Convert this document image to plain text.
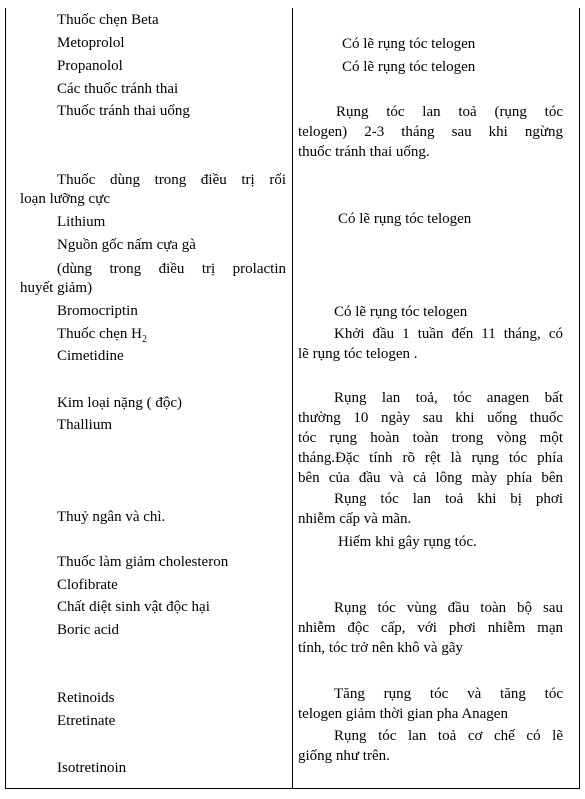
Thuốc chẹn Beta
Metoprolol
Propanolol
Các thuốc tránh thai
Thuốc tránh thai uống
Thuốc dùng trong điều trị rối
loạn lưỡng cực
Lithium
Nguồn gốc nấm cựa gà
(dùng trong điều trị prolactin
huyết giảm)
Bromocriptin
Thuốc chẹn $H_2$
Cimetidine
Kim loại nặng ( độc)
Thallium
Thuỷ ngân và chì.
Thuốc làm giảm cholesteron
Clofibrate
Chất diệt sinh vật độc hại
Boric acid
Retinoids
Etretinate
Isotretinoin
Có lẽ rụng tóc telogen
Có lẽ rụng tóc telogen
Rụng tóc lan toả (rụng tóc
telogen) 2-3 tháng sau khi ngừng
thuốc tránh thai uống.
Có lẽ rụng tóc telogen
Có lẽ rụng tóc telogen
Khởi đầu 1 tuần đến 11 tháng, có
lẽ rụng tóc telogen .
Rụng lan toả, tóc anagen bất
thường 10 ngày sau khi uống thuốc
tóc rụng hoàn toàn trong vòng một
tháng.Đặc tính rõ rệt là rụng tóc phía
bên của đầu và cả lông mày phía bên
Rụng tóc lan toả khi bị phơi
nhiễm cấp và mãn.
Hiếm khi gây rụng tóc.
Rụng tóc vùng đầu toàn bộ sau
nhiễm độc cấp, với phơi nhiễm mạn
tính, tóc trở nên khô và gãy
Tăng rụng tóc và tăng tóc
telogen giảm thời gian pha Anagen
Rụng tóc lan toả cơ chế có lẽ
giống như trên.
